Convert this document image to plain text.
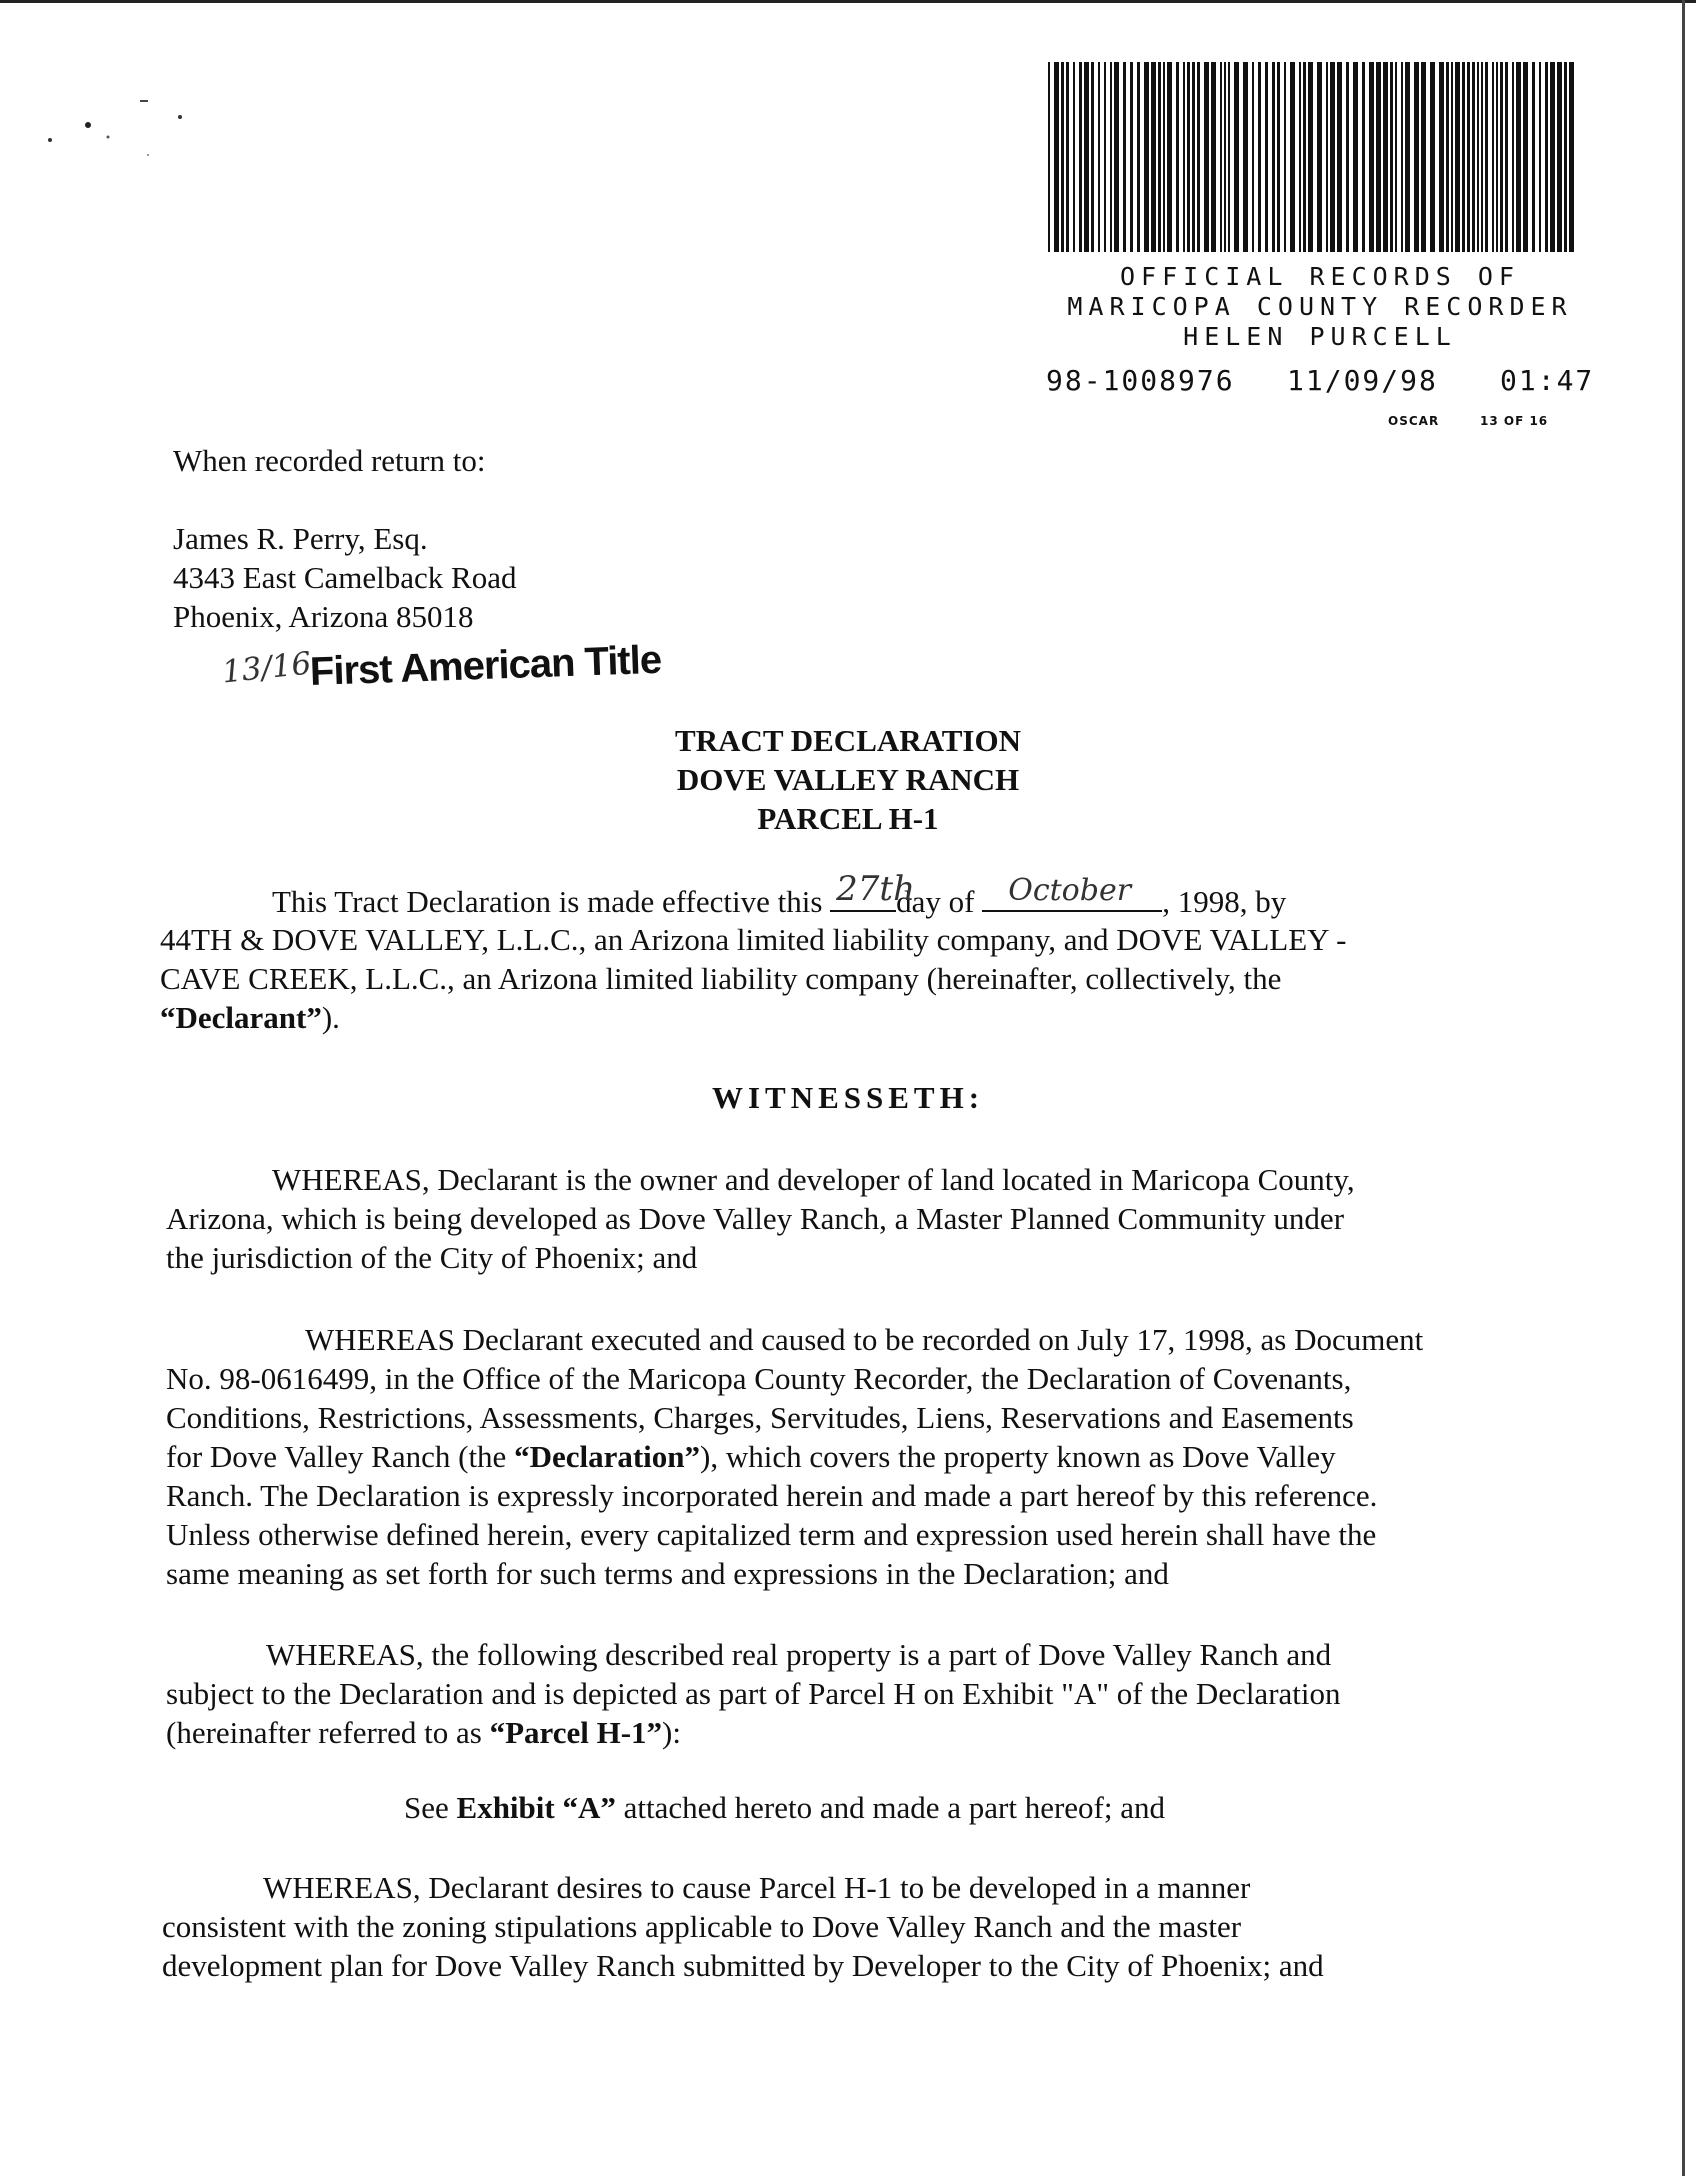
OFFICIAL RECORDS OF
MARICOPA COUNTY RECORDER
HELEN PURCELL
98-1008976 11/09/98 01:47
OSCAR	13 OF 16
When recorded return to:
James R. Perry, Esq.
4343 East Camelback Road
Phoenix, Arizona 85018
13/16
First American Title
TRACT DECLARATION
DOVE VALLEY RANCH
PARCEL H-1
This Tract Declaration is made effective this 27th
day of October , 1998, by
44TH & DOVE VALLEY, L.L.C., an Arizona limited liability company, and DOVE VALLEY -
CAVE CREEK, L.L.C., an Arizona limited liability company (hereinafter, collectively, the
“Declarant”).
WITNESSETH:
WHEREAS, Declarant is the owner and developer of land located in Maricopa County,
Arizona, which is being developed as Dove Valley Ranch, a Master Planned Community under
the jurisdiction of the City of Phoenix; and
WHEREAS Declarant executed and caused to be recorded on July 17, 1998, as Document
No. 98-0616499, in the Office of the Maricopa County Recorder, the Declaration of Covenants,
Conditions, Restrictions, Assessments, Charges, Servitudes, Liens, Reservations and Easements
for Dove Valley Ranch (the “Declaration”), which covers the property known as Dove Valley
Ranch. The Declaration is expressly incorporated herein and made a part hereof by this reference.
Unless otherwise defined herein, every capitalized term and expression used herein shall have the
same meaning as set forth for such terms and expressions in the Declaration; and
WHEREAS, the following described real property is a part of Dove Valley Ranch and
subject to the Declaration and is depicted as part of Parcel H on Exhibit "A" of the Declaration
(hereinafter referred to as “Parcel H-1”):
See Exhibit “A” attached hereto and made a part hereof; and
WHEREAS, Declarant desires to cause Parcel H-1 to be developed in a manner
consistent with the zoning stipulations applicable to Dove Valley Ranch and the master
development plan for Dove Valley Ranch submitted by Developer to the City of Phoenix; and
